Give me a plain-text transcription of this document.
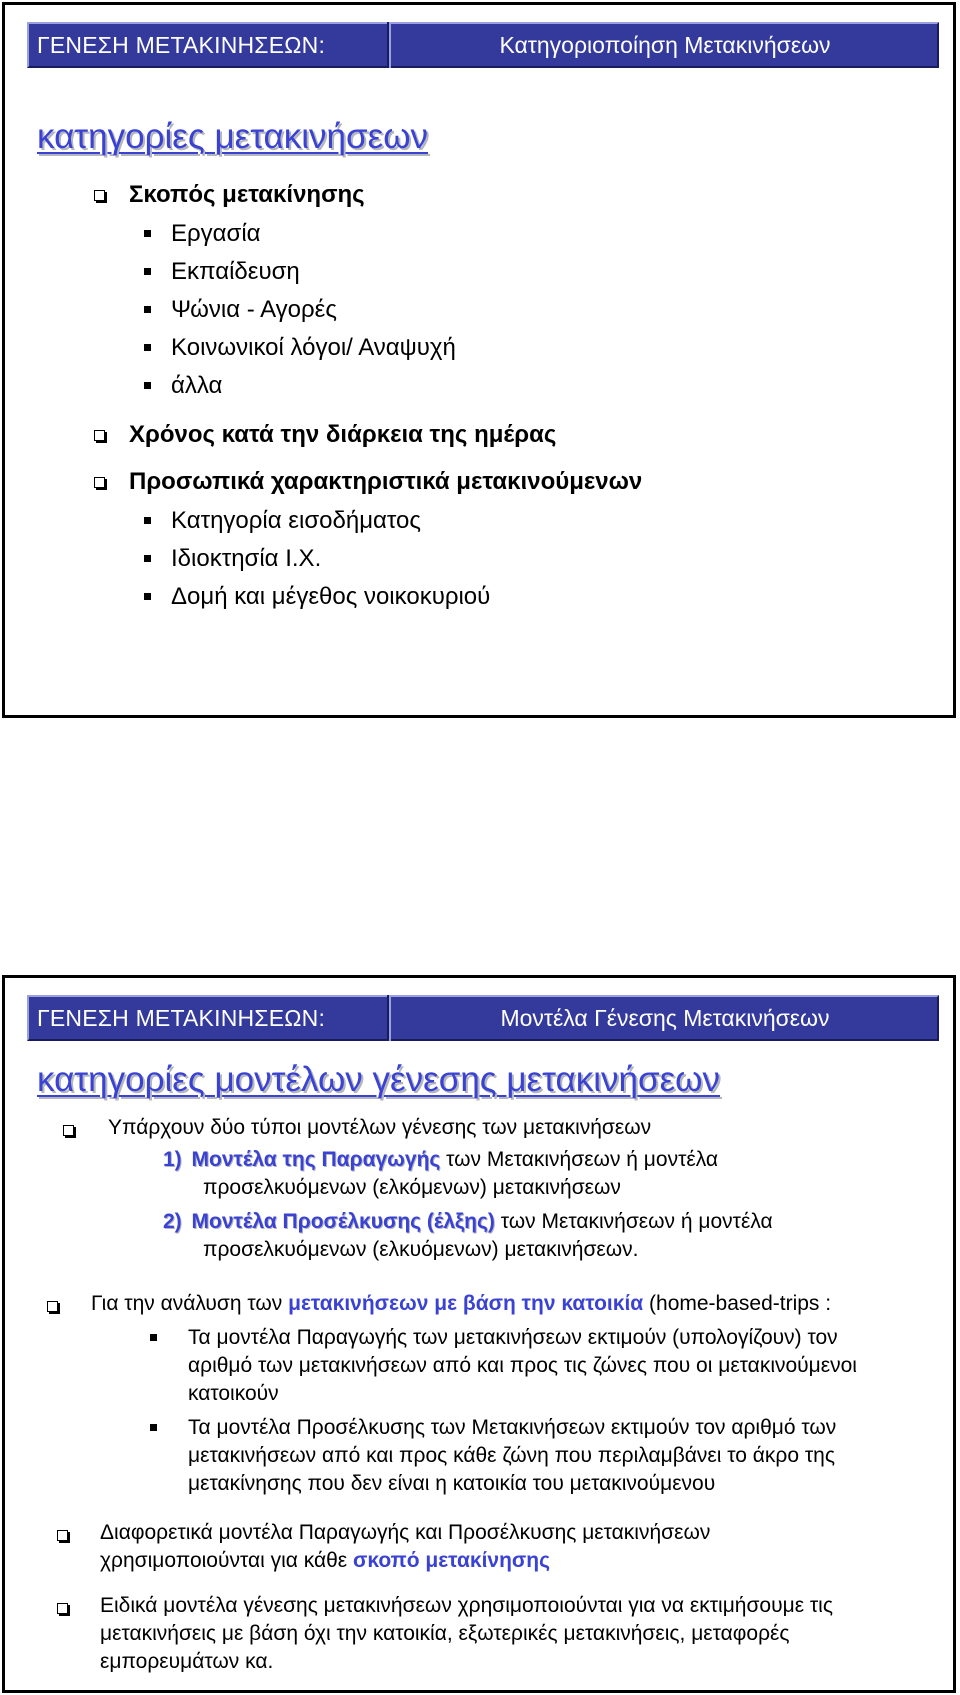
ΓΕΝΕΣΗ ΜΕΤΑΚΙΝΗΣΕΩΝ:	Κατηγοριοποίηση Μετακινήσεων
κατηγορίες μετακινήσεων
Σκοπός μετακίνησης
Εργασία
Εκπαίδευση
Ψώνια - Αγορές
Κοινωνικοί λόγοι/ Αναψυχή
άλλα
Χρόνος κατά την διάρκεια της ημέρας
Προσωπικά χαρακτηριστικά μετακινούμενων
Κατηγορία εισοδήματος
Ιδιοκτησία Ι.Χ.
Δομή και μέγεθος νοικοκυριού
ΓΕΝΕΣΗ ΜΕΤΑΚΙΝΗΣΕΩΝ:	Μοντέλα Γένεσης Μετακινήσεων
κατηγορίες μοντέλων γένεσης μετακινήσεων
Υπάρχουν δύο τύποι μοντέλων γένεσης των μετακινήσεων
1) Μοντέλα της Παραγωγής των Μετακινήσεων ή μοντέλα
προσελκυόμενων (ελκόμενων) μετακινήσεων
2) Μοντέλα Προσέλκυσης (έλξης) των Μετακινήσεων ή μοντέλα
προσελκυόμενων (ελκυόμενων) μετακινήσεων.
Για την ανάλυση των μετακινήσεων με βάση την κατοικία (home-based-trips :
Τα μοντέλα Παραγωγής των μετακινήσεων εκτιμούν (υπολογίζουν) τον
αριθμό των μετακινήσεων από και προς τις ζώνες που οι μετακινούμενοι
κατοικούν
Τα μοντέλα Προσέλκυσης των Μετακινήσεων εκτιμούν τον αριθμό των
μετακινήσεων από και προς κάθε ζώνη που περιλαμβάνει το άκρο της
μετακίνησης που δεν είναι η κατοικία του μετακινούμενου
Διαφορετικά μοντέλα Παραγωγής και Προσέλκυσης μετακινήσεων
χρησιμοποιούνται για κάθε σκοπό μετακίνησης
Ειδικά μοντέλα γένεσης μετακινήσεων χρησιμοποιούνται για να εκτιμήσουμε τις
μετακινήσεις με βάση όχι την κατοικία, εξωτερικές μετακινήσεις, μεταφορές
εμπορευμάτων κα.
